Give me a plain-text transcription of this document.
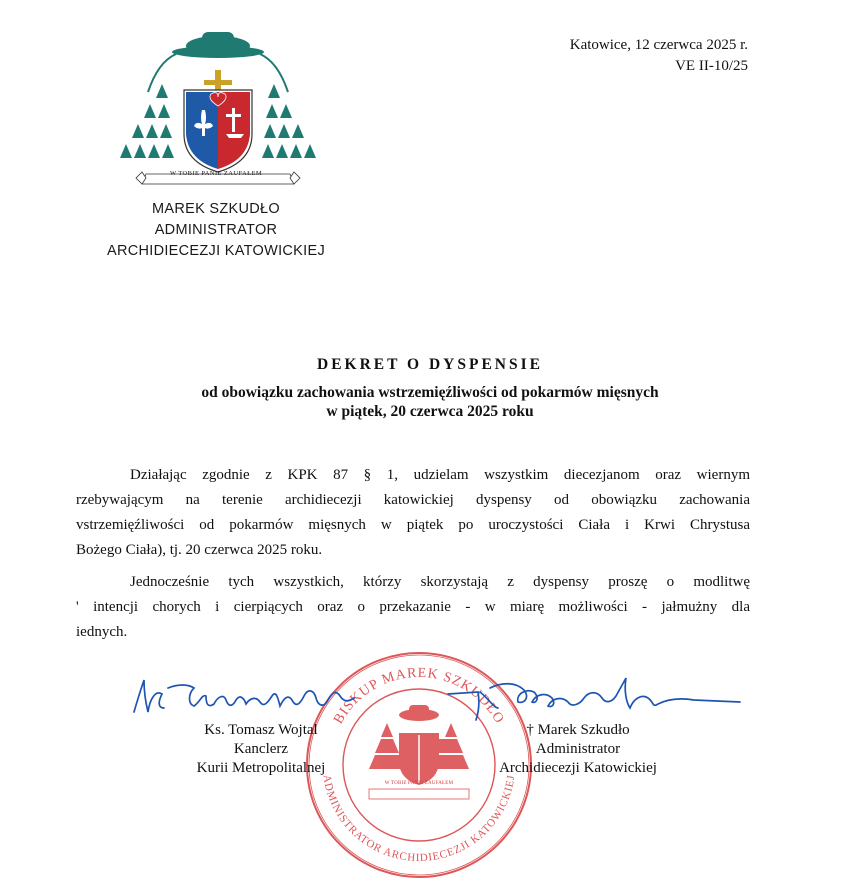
W TOBIE PANIE ZAUFAŁEM
MAREK SZKUDŁO
ADMINISTRATOR
ARCHIDIECEZJI KATOWICKIEJ
Katowice, 12 czerwca 2025 r.
VE II-10/25
DEKRET O DYSPENSIE
od obowiązku zachowania wstrzemięźliwości od pokarmów mięsnych
w piątek, 20 czerwca 2025 roku
Działając zgodnie z KPK 87 § 1, udzielam wszystkim diecezjanom oraz wiernym
rzebywającym na terenie archidiecezji katowickiej dyspensy od obowiązku zachowania
vstrzemięźliwości od pokarmów mięsnych w piątek po uroczystości Ciała i Krwi Chrystusa
Bożego Ciała), tj. 20 czerwca 2025 roku.
Jednocześnie tych wszystkich, którzy skorzystają z dyspensy proszę o modlitwę
' intencji chorych i cierpiących oraz o przekazanie - w miarę możliwości - jałmużny dla
iednych.
BISKUP MAREK SZKUDŁO
ADMINISTRATOR ARCHIDIECEZJI KATOWICKIEJ
W TOBIE PANIE ZAUFAŁEM
Ks. Tomasz Wojtal
Kanclerz
Kurii Metropolitalnej
† Marek Szkudło
Administrator
Archidiecezji Katowickiej
